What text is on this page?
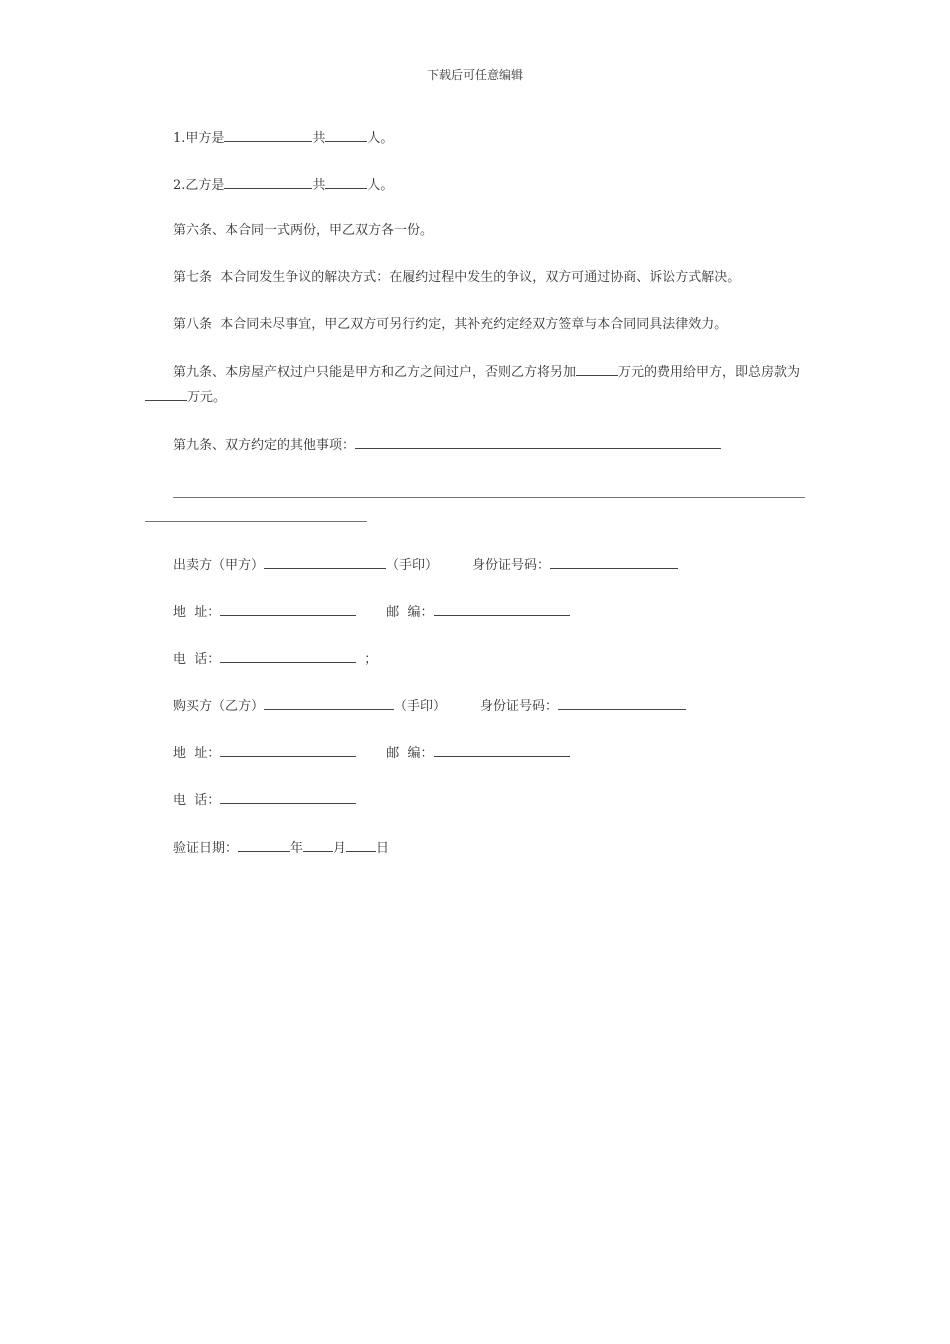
下载后可任意编辑
1.甲方是	共	人。
2.乙方是	共	人。
第六条、本合同一式两份，甲乙双方各一份。
第七条  本合同发生争议的解决方式：在履约过程中发生的争议，双方可通过协商、诉讼方式解决。
第八条  本合同未尽事宜，甲乙双方可另行约定，其补充约定经双方签章与本合同同具法律效力。
第九条、本房屋产权过户只能是甲方和乙方之间过户，否则乙方将另加	万元的费用给甲方，即总房款为万元。
第九条、双方约定的其他事项：
出卖方（甲方）	（手印）	身份证号码：
地  址：	邮  编：
电  话：	；
购买方（乙方）	（手印）	身份证号码：
地  址：	邮  编：
电  话：
验证日期：	年 月 日
